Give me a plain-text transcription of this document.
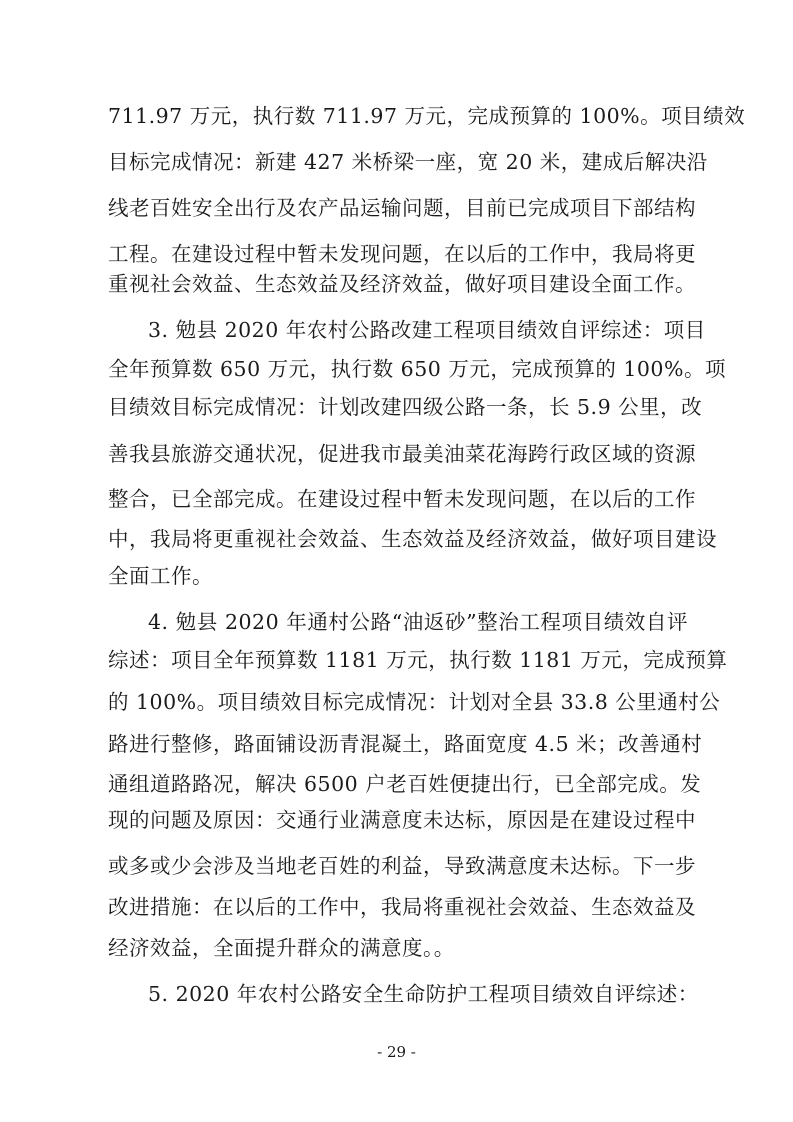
711.97 万元，执行数 711.97 万元，完成预算的 100%。项目绩效
目标完成情况：新建 427 米桥梁一座，宽 20 米，建成后解决沿
线老百姓安全出行及农产品运输问题，目前已完成项目下部结构
工程。在建设过程中暂未发现问题，在以后的工作中，我局将更
重视社会效益、生态效益及经济效益，做好项目建设全面工作。
3. 勉县 2020 年农村公路改建工程项目绩效自评综述：项目
全年预算数 650 万元，执行数 650 万元，完成预算的 100%。项
目绩效目标完成情况：计划改建四级公路一条，长 5.9 公里，改
善我县旅游交通状况，促进我市最美油菜花海跨行政区域的资源
整合，已全部完成。在建设过程中暂未发现问题，在以后的工作
中，我局将更重视社会效益、生态效益及经济效益，做好项目建设
全面工作。
4. 勉县 2020 年通村公路“油返砂”整治工程项目绩效自评
综述：项目全年预算数 1181 万元，执行数 1181 万元，完成预算
的 100%。项目绩效目标完成情况：计划对全县 33.8 公里通村公
路进行整修，路面铺设沥青混凝土，路面宽度 4.5 米；改善通村
通组道路路况，解决 6500 户老百姓便捷出行，已全部完成。发
现的问题及原因：交通行业满意度未达标，原因是在建设过程中
或多或少会涉及当地老百姓的利益，导致满意度未达标。下一步
改进措施：在以后的工作中，我局将重视社会效益、生态效益及
经济效益，全面提升群众的满意度。。
5. 2020 年农村公路安全生命防护工程项目绩效自评综述：
- 29 -
